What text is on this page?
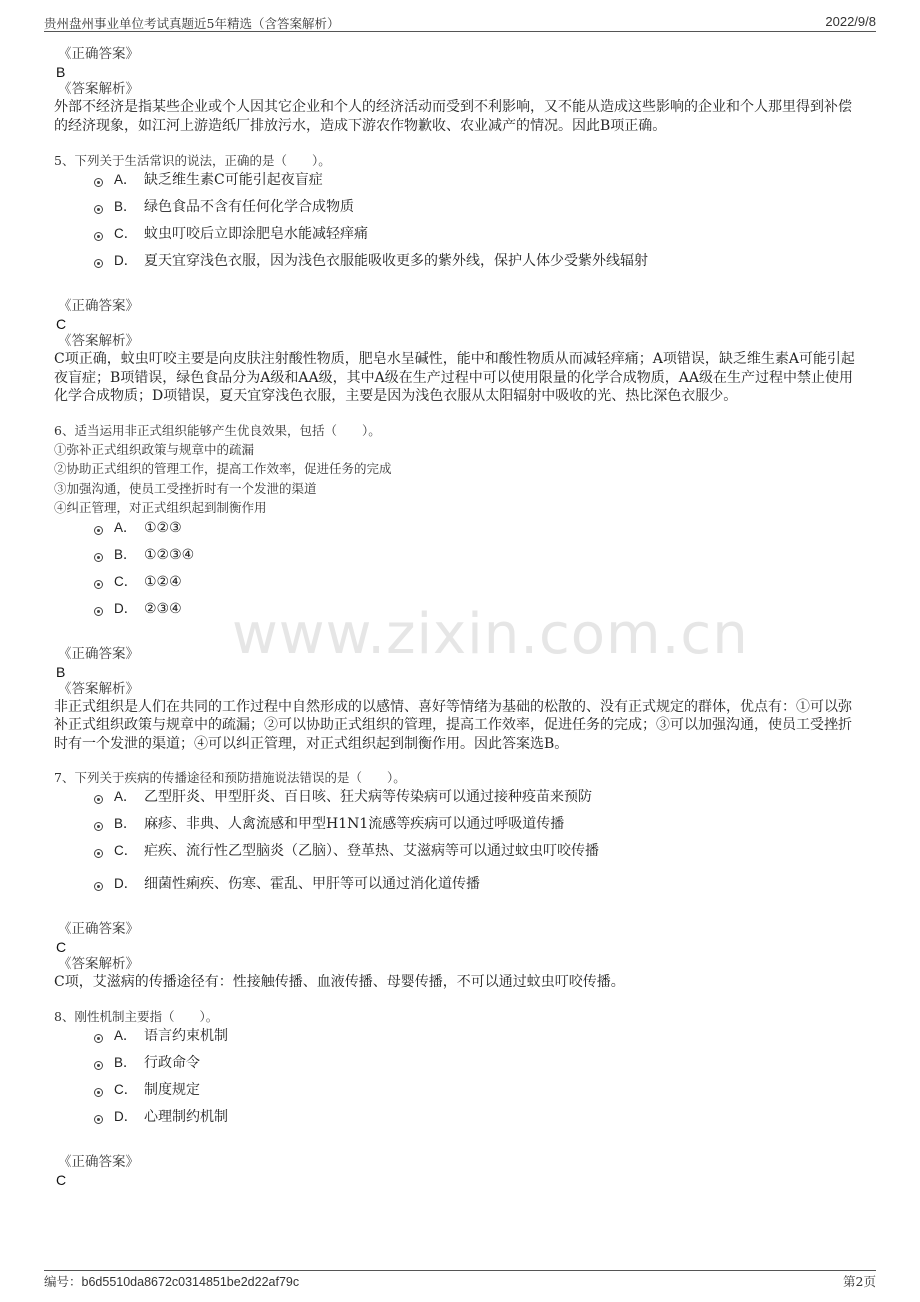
贵州盘州事业单位考试真题近5年精选（含答案解析）	2022/9/8
www.zixin.com.cn
《正确答案》
B
《答案解析》
外部不经济是指某些企业或个人因其它企业和个人的经济活动而受到不利影响，又不能从造成这些影响的企业和个人那里得到补偿的经济现象，如江河上游造纸厂排放污水，造成下游农作物歉收、农业减产的情况。因此B项正确。
5、下列关于生活常识的说法，正确的是（　　）。
A． 缺乏维生素C可能引起夜盲症
B． 绿色食品不含有任何化学合成物质
C． 蚊虫叮咬后立即涂肥皂水能减轻痒痛
D． 夏天宜穿浅色衣服，因为浅色衣服能吸收更多的紫外线，保护人体少受紫外线辐射
《正确答案》
C
《答案解析》
C项正确，蚊虫叮咬主要是向皮肤注射酸性物质，肥皂水呈碱性，能中和酸性物质从而减轻痒痛；A项错误，缺乏维生素A可能引起夜盲症；B项错误，绿色食品分为A级和AA级，其中A级在生产过程中可以使用限量的化学合成物质，AA级在生产过程中禁止使用化学合成物质；D项错误，夏天宜穿浅色衣服，主要是因为浅色衣服从太阳辐射中吸收的光、热比深色衣服少。
6、适当运用非正式组织能够产生优良效果，包括（　　）。
①弥补正式组织政策与规章中的疏漏
②协助正式组织的管理工作，提高工作效率，促进任务的完成
③加强沟通，使员工受挫折时有一个发泄的渠道
④纠正管理，对正式组织起到制衡作用
A． ①②③
B． ①②③④
C． ①②④
D． ②③④
《正确答案》
B
《答案解析》
非正式组织是人们在共同的工作过程中自然形成的以感情、喜好等情绪为基础的松散的、没有正式规定的群体，优点有：①可以弥补正式组织政策与规章中的疏漏；②可以协助正式组织的管理，提高工作效率，促进任务的完成；③可以加强沟通，使员工受挫折时有一个发泄的渠道；④可以纠正管理，对正式组织起到制衡作用。因此答案选B。
7、下列关于疾病的传播途径和预防措施说法错误的是（　　）。
A． 乙型肝炎、甲型肝炎、百日咳、狂犬病等传染病可以通过接种疫苗来预防
B． 麻疹、非典、人禽流感和甲型H1N1流感等疾病可以通过呼吸道传播
C． 疟疾、流行性乙型脑炎（乙脑）、登革热、艾滋病等可以通过蚊虫叮咬传播
D． 细菌性痢疾、伤寒、霍乱、甲肝等可以通过消化道传播
《正确答案》
C
《答案解析》
C项，艾滋病的传播途径有：性接触传播、血液传播、母婴传播，不可以通过蚊虫叮咬传播。
8、刚性机制主要指（　　）。
A． 语言约束机制
B． 行政命令
C． 制度规定
D． 心理制约机制
《正确答案》
C
编号：b6d5510da8672c0314851be2d22af79c	第2页
